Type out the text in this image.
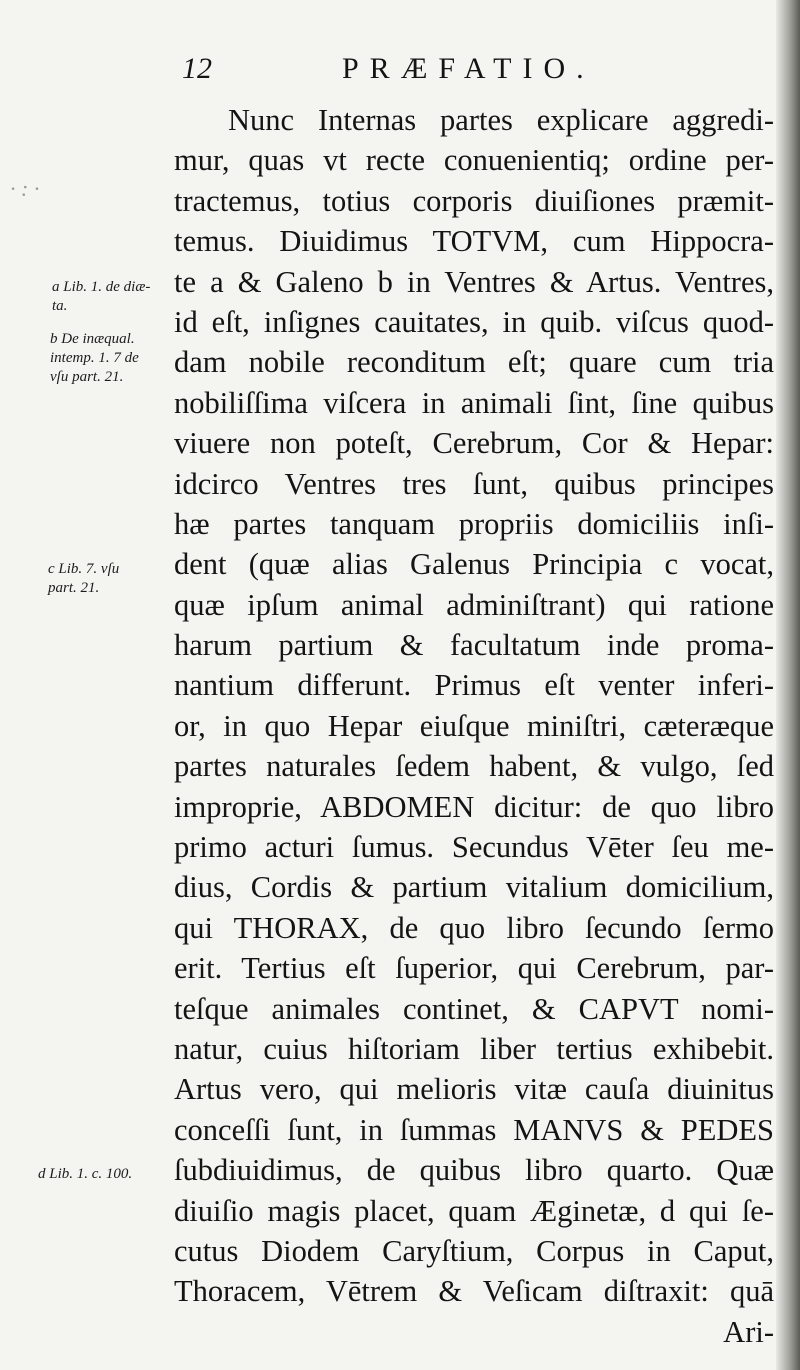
· : ·
12	PRÆFATIO.
a Lib. 1. de diæ-
ta.
b De inæqual.
intemp. 1. 7 de
vſu part. 21.
c Lib. 7. vſu
part. 21.
d Lib. 1. c. 100.
Nunc Internas partes explicare aggredi-
mur, quas vt recte conuenientiq; ordine per-
tractemus, totius corporis diuiſiones præmit-
temus. Diuidimus TOTVM, cum Hippocra-
te a & Galeno b in Ventres & Artus. Ventres,
id eſt, inſignes cauitates, in quib. viſcus quod-
dam nobile reconditum eſt; quare cum tria
nobiliſſima viſcera in animali ſint, ſine quibus
viuere non poteſt, Cerebrum, Cor & Hepar:
idcirco Ventres tres ſunt, quibus principes
hæ partes tanquam propriis domiciliis inſi-
dent (quæ alias Galenus Principia c vocat,
quæ ipſum animal adminiſtrant) qui ratione
harum partium & facultatum inde proma-
nantium differunt. Primus eſt venter inferi-
or, in quo Hepar eiuſque miniſtri, cæteræque
partes naturales ſedem habent, & vulgo, ſed
improprie, ABDOMEN dicitur: de quo libro
primo acturi ſumus. Secundus Vēter ſeu me-
dius, Cordis & partium vitalium domicilium,
qui THORAX, de quo libro ſecundo ſermo
erit. Tertius eſt ſuperior, qui Cerebrum, par-
teſque animales continet, & CAPVT nomi-
natur, cuius hiſtoriam liber tertius exhibebit.
Artus vero, qui melioris vitæ cauſa diuinitus
conceſſi ſunt, in ſummas MANVS & PEDES
ſubdiuidimus, de quibus libro quarto. Quæ
diuiſio magis placet, quam Æginetæ, d qui ſe-
cutus Diodem Caryſtium, Corpus in Caput,
Thoracem, Vētrem & Veſicam diſtraxit: quā
Ari-
